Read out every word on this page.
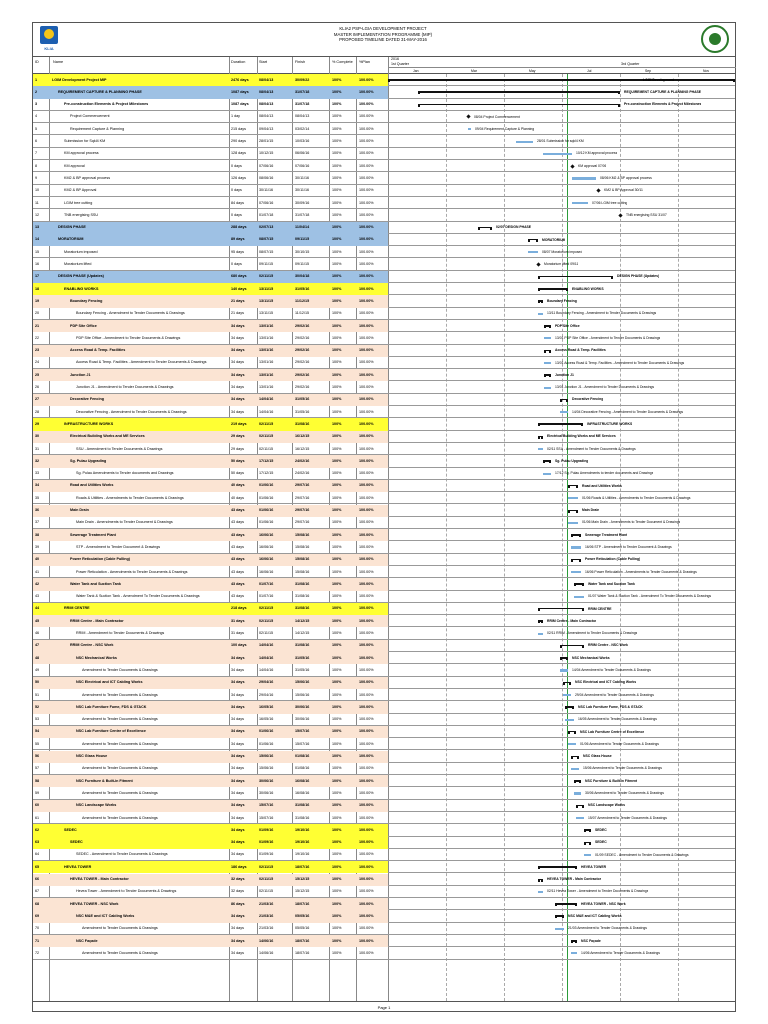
KLIA
KLIA2 PSP-LGIA DEVELOPMENT PROJECT
MASTER IMPLEMENTATION PROGRAMME (MIP)
PROPOSED TIMELINE DATED 31-MAY-2016
ID	Name	Duration	Start	Finish	% Complete %Plan
2016
1st Quarter	3rd Quarter
Jan	Mar	May	Jul	Sep	Nov
LGIM Development
REQUIREMENT CAPTURE & PLANNING PHASE
Pre-construction Elements & Project Milestones
08/04 Project Commencement
09/04 Requirement Capture & Planning
28/01 Submission for sqkl4 KM
10/12 KM approval process
KM approval 07/06
08/06 KM2 & BP approval process
KM2 & BP Approval 30/11
07/06 LGIM tree cutting
TNB energising SSU 31/07
02/07 DESIGN PHASE
MORATORIUM
08/07 Moratorium imposed
Moratorium lifted 09/11
DESIGN PHASE (Updates)
ENABLING WORKS
Boundary Fencing
13/11 Boundary Fencing - Amendment to Tender Documents & Drawings
PDP Site Office
13/01 PDP Site Office - Amendment to Tender Documents & Drawings
Access Road & Temp. Facilities
13/01 Access Road & Temp. Facilities - Amendment to Tender Documents & Drawings
Junction J1
13/01 Junction J1 - Amendment to Tender Documents & Drawings
Decorative Fencing
14/04 Decorative Fencing - Amendment to Tender Documents & Drawings
INFRASTRUCTURE WORKS
Electrical Building Works and ME Services
02/11 SSU - Amendment to Tender Documents & Drawings
Sg. Pulau Upgrading
17/12 Sg. Pulau Amendments to tender documents and Drawings
Road and Utilities Works
01/06 Roads & Utilities - Amendments to Tender Documents & Drawings
Main Drain
01/06 Main Drain - Amendments to Tender Document & Drawings
Sewerage Treatment Plant
16/06 STP - Amendment to Tender Document & Drawings
Power Reticulation (Cable Pulling)
16/06 Power Reticulation - Amendments to Tender Documents & Drawings
Water Tank and Suction Tank
01/07 Water Tank & Suction Tank - Amendment To Tender Documents & Drawings
RRIM CENTRE
RRIM Centre - Main Contractor
02/11 RRIM - Amendment to Tender Documents & Drawings
RRIM Centre - NSC Work
NSC Mechanical Works
14/04 Amendment to Tender Documents & Drawings
NSC Electrical and ICT Cabling Works
29/04 Amendment to Tender Documents & Drawings
NSC Lab Furniture Fume, FDS & GTACK
16/05 Amendment to Tender Documents & Drawings
NSC Lab Furniture Centre of Excellence
01/06 Amendment to Tender Documents & Drawings
NSC Glass House
15/06 Amendment to Tender Documents & Drawings
NSC Furniture & Built-in Fitment
30/06 Amendment to Tender Documents & Drawings
NSC Landscape Works
15/07 Amendment to Tender Documents & Drawings
SEDEC
SEDEC
01/09 SEDEC - Amendment to Tender Documents & Drawings
HEVEA TOWER
HEVEA TOWER - Main Contractor
02/11 Hevea Tower - Amendment to Tender Documents & Drawings
HEVEA TOWER - NSC Work
NSC M&E and ICT Cabling Works
21/03 Amendment to Tender Documents & Drawings
NSC Façade
14/06 Amendment to Tender Documents & Drawings
1	LGIM Development Project MIP	2476 days	08/04/13	30/09/22	100%	100.00%
2	REQUIREMENT CAPTURE & PLANNING PHASE	1087 days	08/04/13	31/07/18	100%	100.00%
3	Pre-construction Elements & Project Milestones	1087 days	08/04/13	31/07/18	100%	100.00%
4	Project Commencement	1 day	08/04/13	08/04/13	100%	100.00%
5	Requirement Capture & Planning	215 days	09/04/13	03/02/14	100%	100.00%
6	Submission for Sqkl4 KM	290 days	28/01/15	10/03/16	100%	100.00%
7	KM approval process	128 days	10/12/15	06/06/16	100%	100.00%
8	KM approval	0 days	07/06/16	07/06/16	100%	100.00%
9	KM2 & BP approval process	126 days	08/06/16	30/11/16	100%	100.00%
10	KM2 & BP Approval	0 days	30/11/16	30/11/16	100%	100.00%
11	LGIM tree cutting	84 days	07/06/16	30/09/16	100%	100.00%
12	TNB energising SSU	0 days	01/07/18	31/07/18	100%	100.00%
13	DESIGN PHASE	288 days	02/07/13	11/04/14	100%	100.00%
14	MORATORIUM	89 days	08/07/15	09/11/15	100%	100.00%
15	Moratorium imposed	95 days	08/07/15	30/10/15	100%	100.00%
16	Moratorium lifted	0 days	09/11/15	09/11/15	100%	100.00%
17	DESIGN PHASE (Updates)	680 days	02/11/15	30/04/18	100%	100.00%
18	ENABLING WORKS	140 days	13/11/15	31/05/16	100%	100.00%
19	Boundary Fencing	21 days	13/11/15	11/12/15	100%	100.00%
20	Boundary Fencing - Amendment to Tender Documents & Drawings	21 days	13/11/15	11/12/15	100%	100.00%
21	PDP Site Office	34 days	13/01/16	29/02/16	100%	100.00%
22	PDP Site Office - Amendment to Tender Documents & Drawings	34 days	13/01/16	29/02/16	100%	100.00%
23	Access Road & Temp. Facilities	34 days	13/01/16	29/02/16	100%	100.00%
24	Access Road & Temp. Facilities - Amendment to Tender Documents & Drawings	34 days	13/01/16	29/02/16	100%	100.00%
25	Junction J1	34 days	13/01/16	29/02/16	100%	100.00%
26	Junction J1 - Amendment to Tender Documents & Drawings	34 days	13/01/16	29/02/16	100%	100.00%
27	Decorative Fencing	34 days	14/04/16	31/05/16	100%	100.00%
28	Decorative Fencing - Amendment to Tender Documents & Drawings	34 days	14/04/16	31/05/16	100%	100.00%
29	INFRASTRUCTURE WORKS	219 days	02/11/15	31/08/16	100%	100.00%
30	Electrical Building Works and ME Services	29 days	02/11/15	16/12/15	100%	100.00%
31	SSU - Amendment to Tender Documents & Drawings	29 days	02/11/15	16/12/15	100%	100.00%
32	Sg. Pulau Upgrading	50 days	17/12/15	24/02/16	100%	100.00%
33	Sg. Pulau Amendments to Tender documents and Drawings	50 days	17/12/15	24/02/16	100%	100.00%
34	Road and Utilities Works	40 days	01/06/16	29/07/16	100%	100.00%
35	Roads & Utilities - Amendments to Tender Documents & Drawings	40 days	01/06/16	29/07/16	100%	100.00%
36	Main Drain	43 days	01/06/16	29/07/16	100%	100.00%
37	Main Drain - Amendments to Tender Document & Drawings	43 days	01/06/16	29/07/16	100%	100.00%
38	Sewerage Treatment Plant	43 days	16/06/16	15/08/16	100%	100.00%
39	STP - Amendment to Tender Document & Drawings	43 days	16/06/16	15/08/16	100%	100.00%
40	Power Reticulation (Cable Pulling)	43 days	16/06/16	15/08/16	100%	100.00%
41	Power Reticulation - Amendments to Tender Documents & Drawings	43 days	16/06/16	15/08/16	100%	100.00%
42	Water Tank and Suction Tank	43 days	01/07/16	31/08/16	100%	100.00%
43	Water Tank & Suction Tank - Amendment To Tender Documents & Drawings	43 days	01/07/16	31/08/16	100%	100.00%
44	RRIM CENTRE	218 days	02/11/15	31/08/16	100%	100.00%
45	RRIM Centre - Main Contractor	31 days	02/11/15	14/12/15	100%	100.00%
46	RRIM - Amendment to Tender Documents & Drawings	31 days	02/11/15	14/12/15	100%	100.00%
47	RRIM Centre - NSC Work	100 days	14/04/16	31/08/16	100%	100.00%
48	NSC Mechanical Works	34 days	14/04/16	31/05/16	100%	100.00%
49	Amendment to Tender Documents & Drawings	34 days	14/04/16	31/05/16	100%	100.00%
50	NSC Electrical and ICT Cabling Works	34 days	29/04/16	15/06/16	100%	100.00%
51	Amendment to Tender Documents & Drawings	34 days	29/04/16	15/06/16	100%	100.00%
52	NSC Lab Furniture Fume, FDS & GTACK	34 days	16/05/16	30/06/16	100%	100.00%
53	Amendment to Tender Documents & Drawings	34 days	16/05/16	30/06/16	100%	100.00%
54	NSC Lab Furniture Centre of Excellence	34 days	01/06/16	15/07/16	100%	100.00%
55	Amendment to Tender Documents & Drawings	34 days	01/06/16	15/07/16	100%	100.00%
56	NSC Glass House	34 days	15/06/16	01/08/16	100%	100.00%
57	Amendment to Tender Documents & Drawings	34 days	15/06/16	01/08/16	100%	100.00%
58	NSC Furniture & Built-in Fitment	34 days	30/06/16	16/08/16	100%	100.00%
59	Amendment to Tender Documents & Drawings	34 days	30/06/16	16/08/16	100%	100.00%
60	NSC Landscape Works	34 days	15/07/16	31/08/16	100%	100.00%
61	Amendment to Tender Documents & Drawings	34 days	15/07/16	31/08/16	100%	100.00%
62	SEDEC	34 days	01/09/16	19/10/16	100%	100.00%
63	SEDEC	34 days	01/09/16	19/10/16	100%	100.00%
64	SEDEC - Amendment to Tender Documents & Drawings	34 days	01/09/16	19/10/16	100%	100.00%
65	HEVEA TOWER	186 days	02/11/15	18/07/16	100%	100.00%
66	HEVEA TOWER - Main Contractor	32 days	02/11/15	15/12/15	100%	100.00%
67	Hevea Tower - Amendment to Tender Documents & Drawings	32 days	02/11/15	15/12/15	100%	100.00%
68	HEVEA TOWER - NSC Work	86 days	21/03/16	18/07/16	100%	100.00%
69	NSC M&E and ICT Cabling Works	34 days	21/03/16	05/05/16	100%	100.00%
70	Amendment to Tender Documents & Drawings	34 days	21/03/16	05/05/16	100%	100.00%
71	NSC Façade	34 days	14/06/16	18/07/16	100%	100.00%
72	Amendment to Tender Documents & Drawings	34 days	14/06/16	18/07/16	100%	100.00%
Page 1
